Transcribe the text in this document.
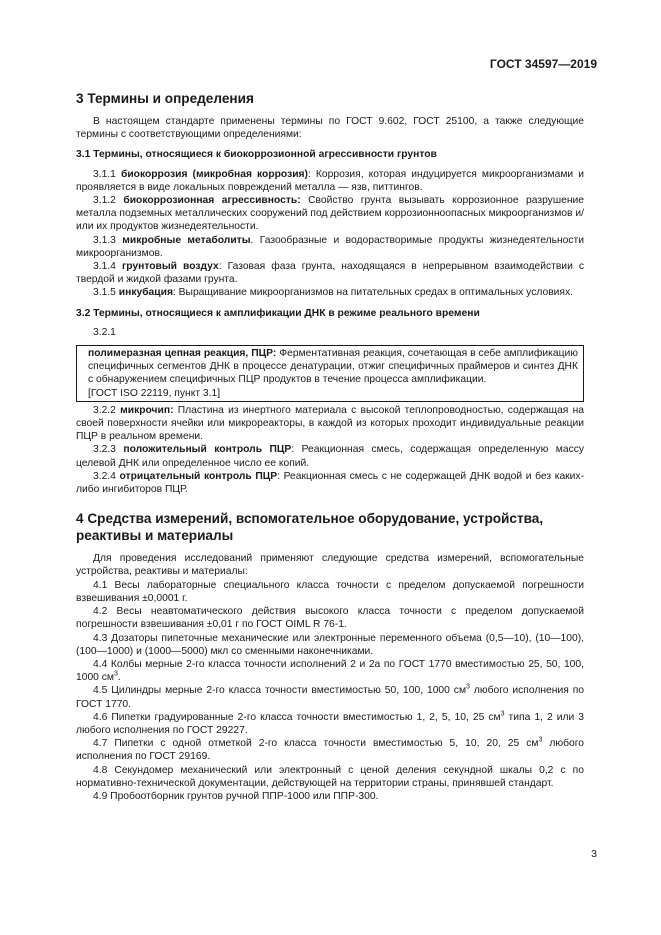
ГОСТ 34597—2019
3 Термины и определения

В настоящем стандарте применены термины по ГОСТ 9.602, ГОСТ 25100, а также следующие термины с соответствующими определениями:

3.1 Термины, относящиеся к биокоррозионной агрессивности грунтов

3.1.1 биокоррозия (микробная коррозия): Коррозия, которая индуцируется микроорганизмами и проявляется в виде локальных повреждений металла — язв, питтингов.

3.1.2 биокоррозионная агрессивность: Свойство грунта вызывать коррозионное разрушение металла подземных металлических сооружений под действием коррозионноопасных микроорганизмов и/или их продуктов жизнедеятельности.

3.1.3 микробные метаболиты. Газообразные и водорастворимые продукты жизнедеятельности микроорганизмов.

3.1.4 грунтовый воздух: Газовая фаза грунта, находящаяся в непрерывном взаимодействии с твердой и жидкой фазами грунта.

3.1.5 инкубация: Выращивание микроорганизмов на питательных средах в оптимальных условиях.

3.2 Термины, относящиеся к амплификации ДНК в режиме реального времени

3.2.1

полимеразная цепная реакция, ПЦР: Ферментативная реакция, сочетающая в себе амплификацию специфичных сегментов ДНК в процессе денатурации, отжиг специфичных праймеров и синтез ДНК с обнаружением специфичных ПЦР продуктов в течение процесса амплификации.

[ГОСТ ISO 22119, пункт 3.1]

3.2.2 микрочип: Пластина из инертного материала с высокой теплопроводностью, содержащая на своей поверхности ячейки или микрореакторы, в каждой из которых проходит индивидуальные реакции ПЦР в реальном времени.

3.2.3 положительный контроль ПЦР: Реакционная смесь, содержащая определенную массу целевой ДНК или определенное число ее копий.

3.2.4 отрицательный контроль ПЦР: Реакционная смесь с не содержащей ДНК водой и без каких-либо ингибиторов ПЦР.

4 Средства измерений, вспомогательное оборудование, устройства, реактивы и материалы

Для проведения исследований применяют следующие средства измерений, вспомогательные устройства, реактивы и материалы:

4.1 Весы лабораторные специального класса точности с пределом допускаемой погрешности взвешивания ±0,0001 г.

4.2 Весы неавтоматического действия высокого класса точности с пределом допускаемой погрешности взвешивания ±0,01 г по ГОСТ OIML R 76-1.

4.3 Дозаторы пипеточные механические или электронные переменного объема (0,5—10), (10—100), (100—1000) и (1000—5000) мкл со сменными наконечниками.

4.4 Колбы мерные 2-го класса точности исполнений 2 и 2а по ГОСТ 1770 вместимостью 25, 50, 100, 1000 $см^3$.

4.5 Цилиндры мерные 2-го класса точности вместимостью 50, 100, 1000 $см^3$ любого исполнения по ГОСТ 1770.

4.6 Пипетки градуированные 2-го класса точности вместимостью 1, 2, 5, 10, 25 $см^3$ типа 1, 2 или 3 любого исполнения по ГОСТ 29227.

4.7 Пипетки с одной отметкой 2-го класса точности вместимостью 5, 10, 20, 25 $см^3$ любого исполнения по ГОСТ 29169.

4.8 Секундомер механический или электронный с ценой деления секундной шкалы 0,2 с по нормативно-технической документации, действующей на территории страны, принявшей стандарт.

4.9 Пробоотборник грунтов ручной ППР-1000 или ППР-300.

3
